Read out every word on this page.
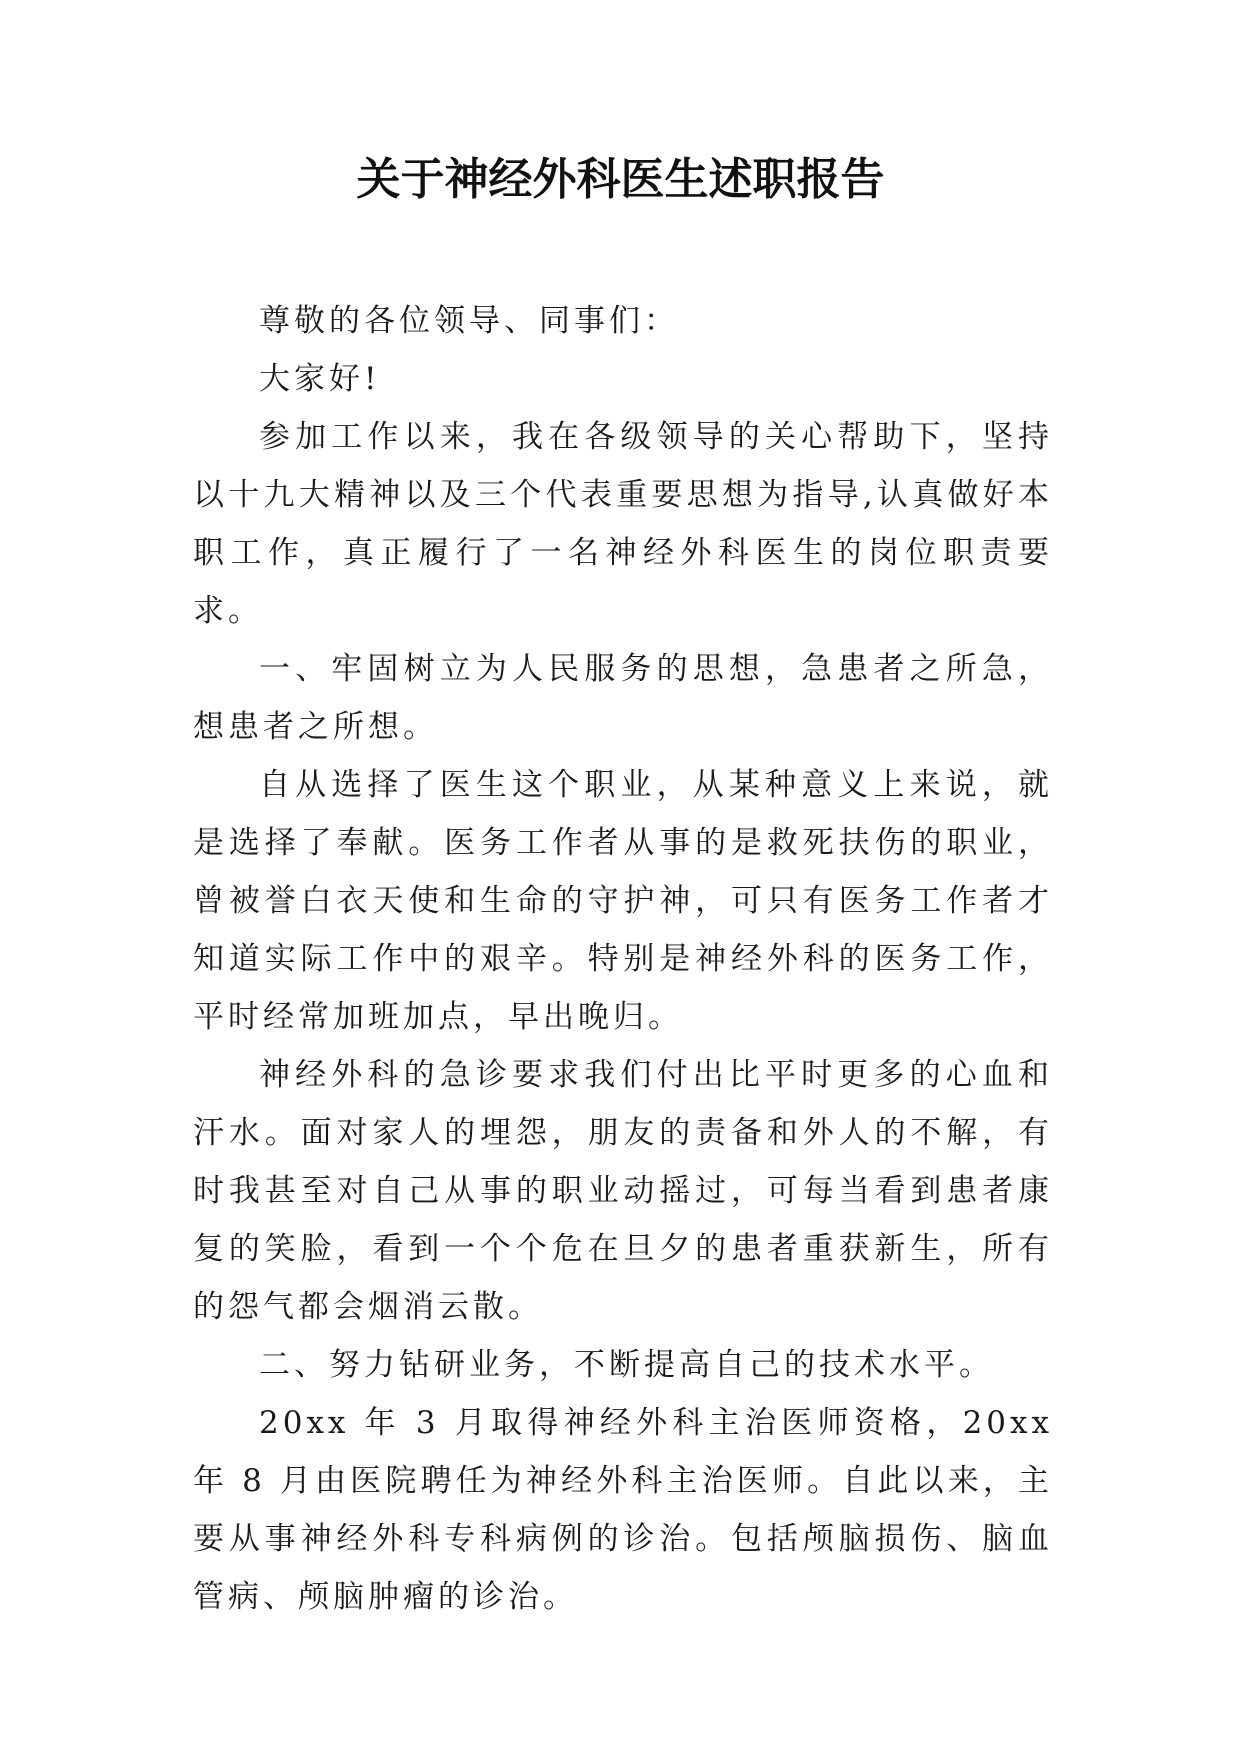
关于神经外科医生述职报告

尊敬的各位领导、同事们：

大家好!

参加工作以来，我在各级领导的关心帮助下，坚持以十九大精神以及三个代表重要思想为指导,认真做好本职工作，真正履行了一名神经外科医生的岗位职责要求。

一、牢固树立为人民服务的思想，急患者之所急，想患者之所想。

自从选择了医生这个职业，从某种意义上来说，就是选择了奉献。医务工作者从事的是救死扶伤的职业，曾被誉白衣天使和生命的守护神，可只有医务工作者才知道实际工作中的艰辛。特别是神经外科的医务工作，平时经常加班加点，早出晚归。

神经外科的急诊要求我们付出比平时更多的心血和汗水。面对家人的埋怨，朋友的责备和外人的不解，有时我甚至对自己从事的职业动摇过，可每当看到患者康复的笑脸，看到一个个危在旦夕的患者重获新生，所有的怨气都会烟消云散。

二、努力钻研业务，不断提高自己的技术水平。

20xx 年 3 月取得神经外科主治医师资格，20xx 年 8 月由医院聘任为神经外科主治医师。自此以来，主要从事神经外科专科病例的诊治。包括颅脑损伤、脑血管病、颅脑肿瘤的诊治。
